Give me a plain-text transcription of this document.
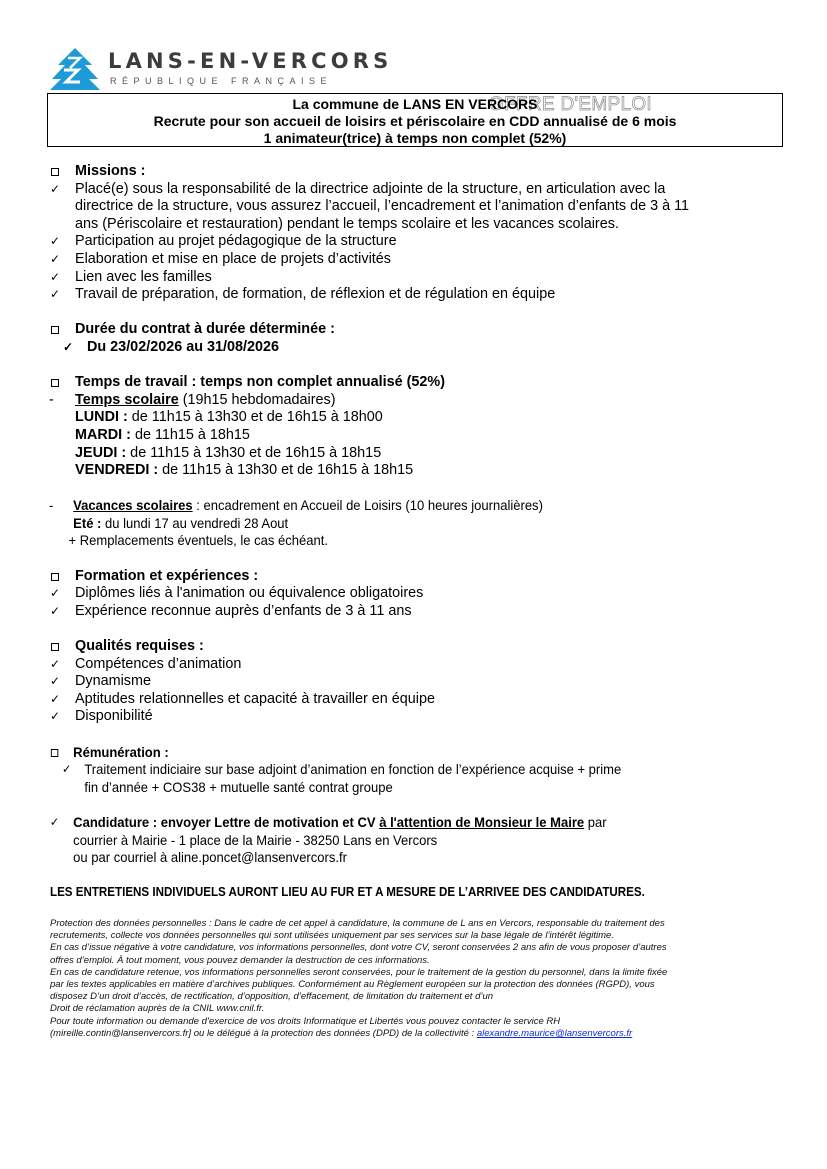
LANS-EN-VERCORS
RÉPUBLIQUE FRANÇAISE
OFFRE D'EMPLOI
La commune de LANS EN VERCORS
Recrute pour son accueil de loisirs et périscolaire en CDD annualisé de 6 mois
1 animateur(trice) à temps non complet (52%)
Missions :
✓	Placé(e) sous la responsabilité de la directrice adjointe de la structure, en articulation avec la
directrice de la structure, vous assurez l’accueil, l’encadrement et l’animation d’enfants de 3 à 11
ans (Périscolaire et restauration) pendant le temps scolaire et les vacances scolaires.
✓	Participation au projet pédagogique de la structure
✓	Elaboration et mise en place de projets d’activités
✓	Lien avec les familles
✓	Travail de préparation, de formation, de réflexion et de régulation en équipe
Durée du contrat à durée déterminée :
✓ Du 23/02/2026 au 31/08/2026
Temps de travail : temps non complet annualisé (52%)
-	Temps scolaire (19h15 hebdomadaires)
LUNDI : de 11h15 à 13h30 et de 16h15 à 18h00
MARDI : de 11h15 à 18h15
JEUDI : de 11h15 à 13h30 et de 16h15 à 18h15
VENDREDI : de 11h15 à 13h30 et de 16h15 à 18h15
-	Vacances scolaires : encadrement en Accueil de Loisirs (10 heures journalières)
Eté : du lundi 17 au vendredi 28 Aout
+ Remplacements éventuels, le cas échéant.
Formation et expériences :
✓	Diplômes liés à l'animation ou équivalence obligatoires
✓	Expérience reconnue auprès d’enfants de 3 à 11 ans
Qualités requises :
✓	Compétences d’animation
✓	Dynamisme
✓	Aptitudes relationnelles et capacité à travailler en équipe
✓	Disponibilité
Rémunération :
✓ Traitement indiciaire sur base adjoint d’animation en fonction de l’expérience acquise + prime
fin d’année + COS38 + mutuelle santé contrat groupe
✓ Candidature : envoyer Lettre de motivation et CV à l'attention de Monsieur le Maire par
courrier à Mairie - 1 place de la Mairie - 38250 Lans en Vercors
ou par courriel à aline.poncet@lansenvercors.fr
LES ENTRETIENS INDIVIDUELS AURONT LIEU AU FUR ET A MESURE DE L’ARRIVEE DES CANDIDATURES.
Protection des données personnelles : Dans le cadre de cet appel à candidature, la commune de L ans en Vercors, responsable du traitement des
recrutements, collecte vos données personnelles qui sont utilisées uniquement par ses services sur la base légale de l’intérêt légitime.
En cas d’issue négative à votre candidature, vos informations personnelles, dont votre CV, seront conservées 2 ans afin de vous proposer d’autres
offres d’emploi. À tout moment, vous pouvez demander la destruction de ces informations.
En cas de candidature retenue, vos informations personnelles seront conservées, pour le traitement de la gestion du personnel, dans la limite fixée
par les textes applicables en matière d’archives publiques. Conformément au Règlement européen sur la protection des données (RGPD), vous
disposez D’un droit d’accès, de rectification, d’opposition, d’effacement, de limitation du traitement et d’un
Droit de réclamation auprès de la CNIL www.cnil.fr.
Pour toute information ou demande d’exercice de vos droits Informatique et Libertés vous pouvez contacter le service RH
(mireille.contin@lansenvercors.fr] ou le délégué à la protection des données (DPD) de la collectivité : alexandre.maurice@lansenvercors.fr
